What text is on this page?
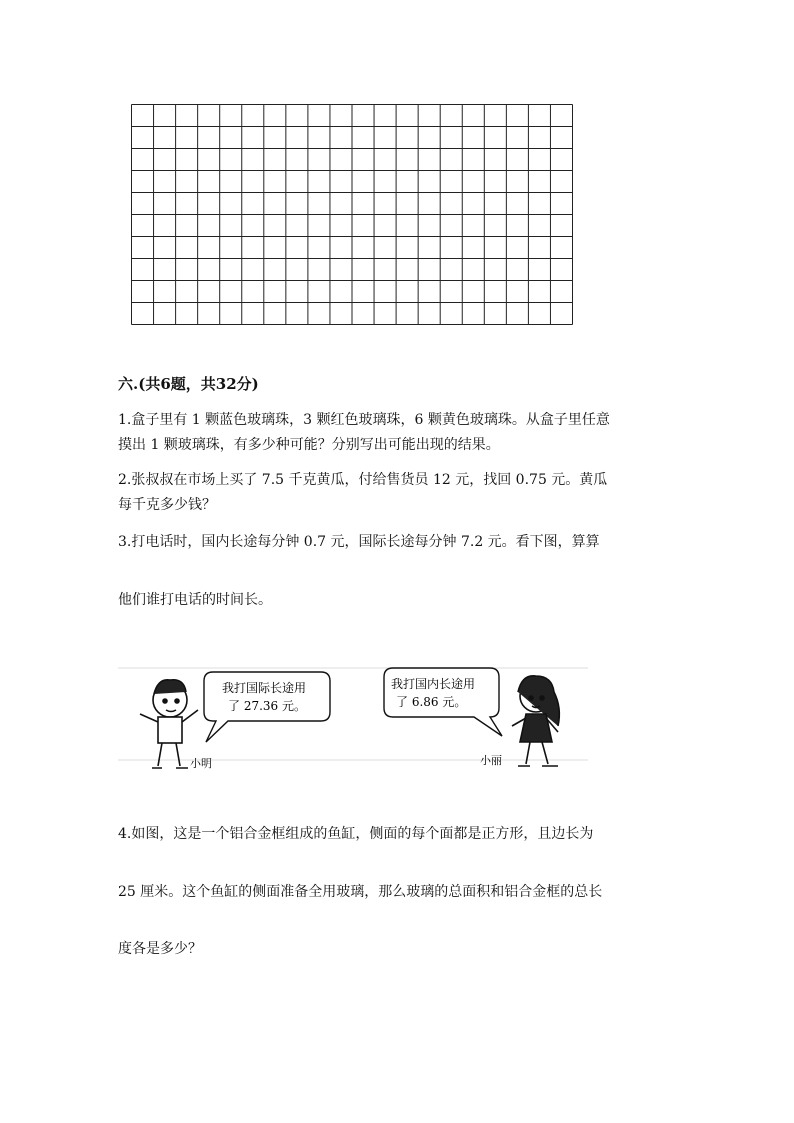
六.(共6题，共32分)
1.盒子里有 1 颗蓝色玻璃珠，3 颗红色玻璃珠，6 颗黄色玻璃珠。从盒子里任意
摸出 1 颗玻璃珠，有多少种可能？分别写出可能出现的结果。
2.张叔叔在市场上买了 7.5 千克黄瓜，付给售货员 12 元，找回 0.75 元。黄瓜
每千克多少钱？
3.打电话时，国内长途每分钟 0.7 元，国际长途每分钟 7.2 元。看下图，算算
他们谁打电话的时间长。
我打国际长途用
了 27.36 元。
小明
我打国内长途用
了 6.86 元。
小丽
4.如图，这是一个铝合金框组成的鱼缸，侧面的每个面都是正方形，且边长为
25 厘米。这个鱼缸的侧面准备全用玻璃，那么玻璃的总面积和铝合金框的总长
度各是多少？
